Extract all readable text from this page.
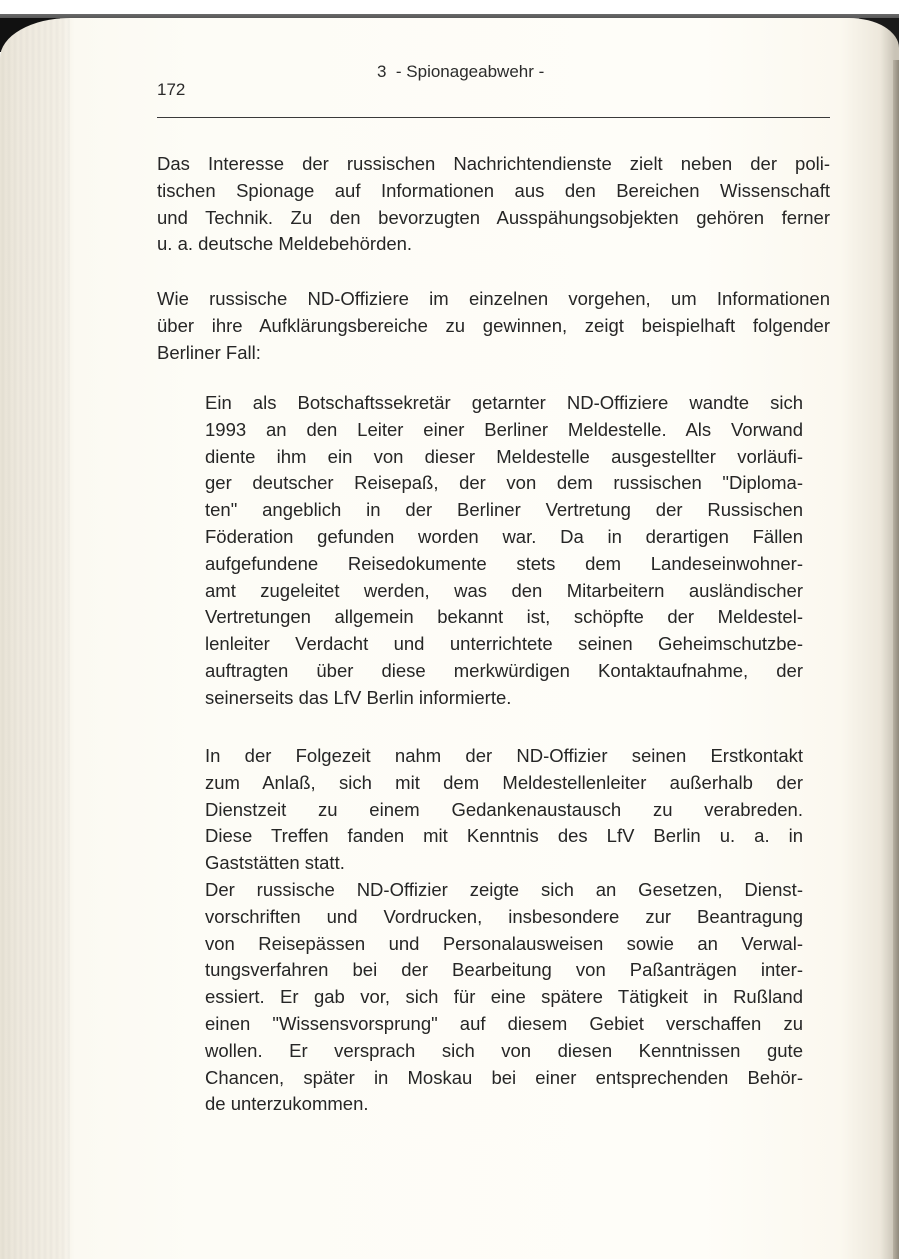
3  - Spionageabwehr -
172
Das Interesse der russischen Nachrichtendienste zielt neben der poli-
tischen Spionage auf Informationen aus den Bereichen Wissenschaft
und Technik. Zu den bevorzugten Ausspähungsobjekten gehören ferner
u. a. deutsche Meldebehörden.
Wie russische ND-Offiziere im einzelnen vorgehen, um Informationen
über ihre Aufklärungsbereiche zu gewinnen, zeigt beispielhaft folgender
Berliner Fall:
Ein als Botschaftssekretär getarnter ND-Offiziere wandte sich
1993 an den Leiter einer Berliner Meldestelle. Als Vorwand
diente ihm ein von dieser Meldestelle ausgestellter vorläufi-
ger deutscher Reisepaß, der von dem russischen "Diploma-
ten" angeblich in der Berliner Vertretung der Russischen
Föderation gefunden worden war. Da in derartigen Fällen
aufgefundene Reisedokumente stets dem Landeseinwohner-
amt zugeleitet werden, was den Mitarbeitern ausländischer
Vertretungen allgemein bekannt ist, schöpfte der Meldestel-
lenleiter Verdacht und unterrichtete seinen Geheimschutzbe-
auftragten über diese merkwürdigen Kontaktaufnahme, der
seinerseits das LfV Berlin informierte.
In der Folgezeit nahm der ND-Offizier seinen Erstkontakt
zum Anlaß, sich mit dem Meldestellenleiter außerhalb der
Dienstzeit zu einem Gedankenaustausch zu verabreden.
Diese Treffen fanden mit Kenntnis des LfV Berlin u. a. in
Gaststätten statt.
Der russische ND-Offizier zeigte sich an Gesetzen, Dienst-
vorschriften und Vordrucken, insbesondere zur Beantragung
von Reisepässen und Personalausweisen sowie an Verwal-
tungsverfahren bei der Bearbeitung von Paßanträgen inter-
essiert. Er gab vor, sich für eine spätere Tätigkeit in Rußland
einen "Wissensvorsprung" auf diesem Gebiet verschaffen zu
wollen. Er versprach sich von diesen Kenntnissen gute
Chancen, später in Moskau bei einer entsprechenden Behör-
de unterzukommen.
